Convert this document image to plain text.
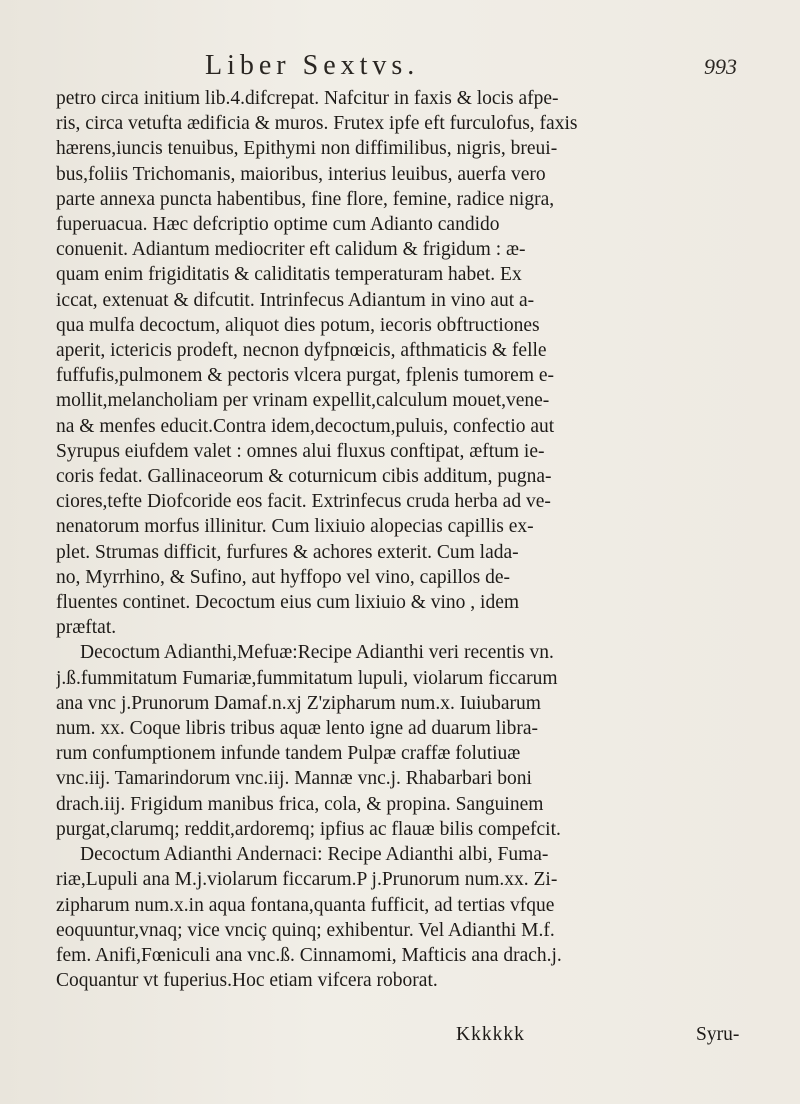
Liber Sextvs.	993
petro circa initium lib.4.difcrepat. Nafcitur in faxis & locis afpe-
ris, circa vetufta ædificia & muros. Frutex ipfe eft furculofus, faxis
hærens,iuncis tenuibus, Epithymi non diffimilibus, nigris, breui-
bus,foliis Trichomanis, maioribus, interius leuibus, auerfa vero
parte annexa puncta habentibus, fine flore, femine, radice nigra,
fuperuacua. Hæc defcriptio optime cum Adianto candido
conuenit. Adiantum mediocriter eft calidum & frigidum : æ-
quam enim frigiditatis & caliditatis temperaturam habet. Ex
iccat, extenuat & difcutit. Intrinfecus Adiantum in vino aut a-
qua mulfa decoctum, aliquot dies potum, iecoris obftructiones
aperit, ictericis prodeft, necnon dyfpnœicis, afthmaticis & felle
fuffufis,pulmonem & pectoris vlcera purgat, fplenis tumorem e-
mollit,melancholiam per vrinam expellit,calculum mouet,vene-
na & menfes educit.Contra idem,decoctum,puluis, confectio aut
Syrupus eiufdem valet : omnes alui fluxus conftipat, æftum ie-
coris fedat. Gallinaceorum & coturnicum cibis additum, pugna-
ciores,tefte Diofcoride eos facit. Extrinfecus cruda herba ad ve-
nenatorum morfus illinitur. Cum lixiuio alopecias capillis ex-
plet. Strumas difficit, furfures & achores exterit. Cum lada-
no, Myrrhino, & Sufino, aut hyffopo vel vino, capillos de-
fluentes continet. Decoctum eius cum lixiuio & vino , idem
præftat.
Decoctum Adianthi,Mefuæ:Recipe Adianthi veri recentis vn.
j.ß.fummitatum Fumariæ,fummitatum lupuli, violarum ficcarum
ana vnc j.Prunorum Damaf.n.xj Z'zipharum num.x. Iuiubarum
num. xx. Coque libris tribus aquæ lento igne ad duarum libra-
rum confumptionem infunde tandem Pulpæ craffæ folutiuæ
vnc.iij. Tamarindorum vnc.iij. Mannæ vnc.j. Rhabarbari boni
drach.iij. Frigidum manibus frica, cola, & propina. Sanguinem
purgat,clarumq; reddit,ardoremq; ipfius ac flauæ bilis compefcit.
Decoctum Adianthi Andernaci: Recipe Adianthi albi, Fuma-
riæ,Lupuli ana M.j.violarum ficcarum.P j.Prunorum num.xx. Zi-
zipharum num.x.in aqua fontana,quanta fufficit, ad tertias vfque
eoquuntur,vnaq; vice vnciç quinq; exhibentur. Vel Adianthi M.f.
fem. Anifi,Fœniculi ana vnc.ß. Cinnamomi, Mafticis ana drach.j.
Coquantur vt fuperius.Hoc etiam vifcera roborat.
Kkkkkk	Syru-
